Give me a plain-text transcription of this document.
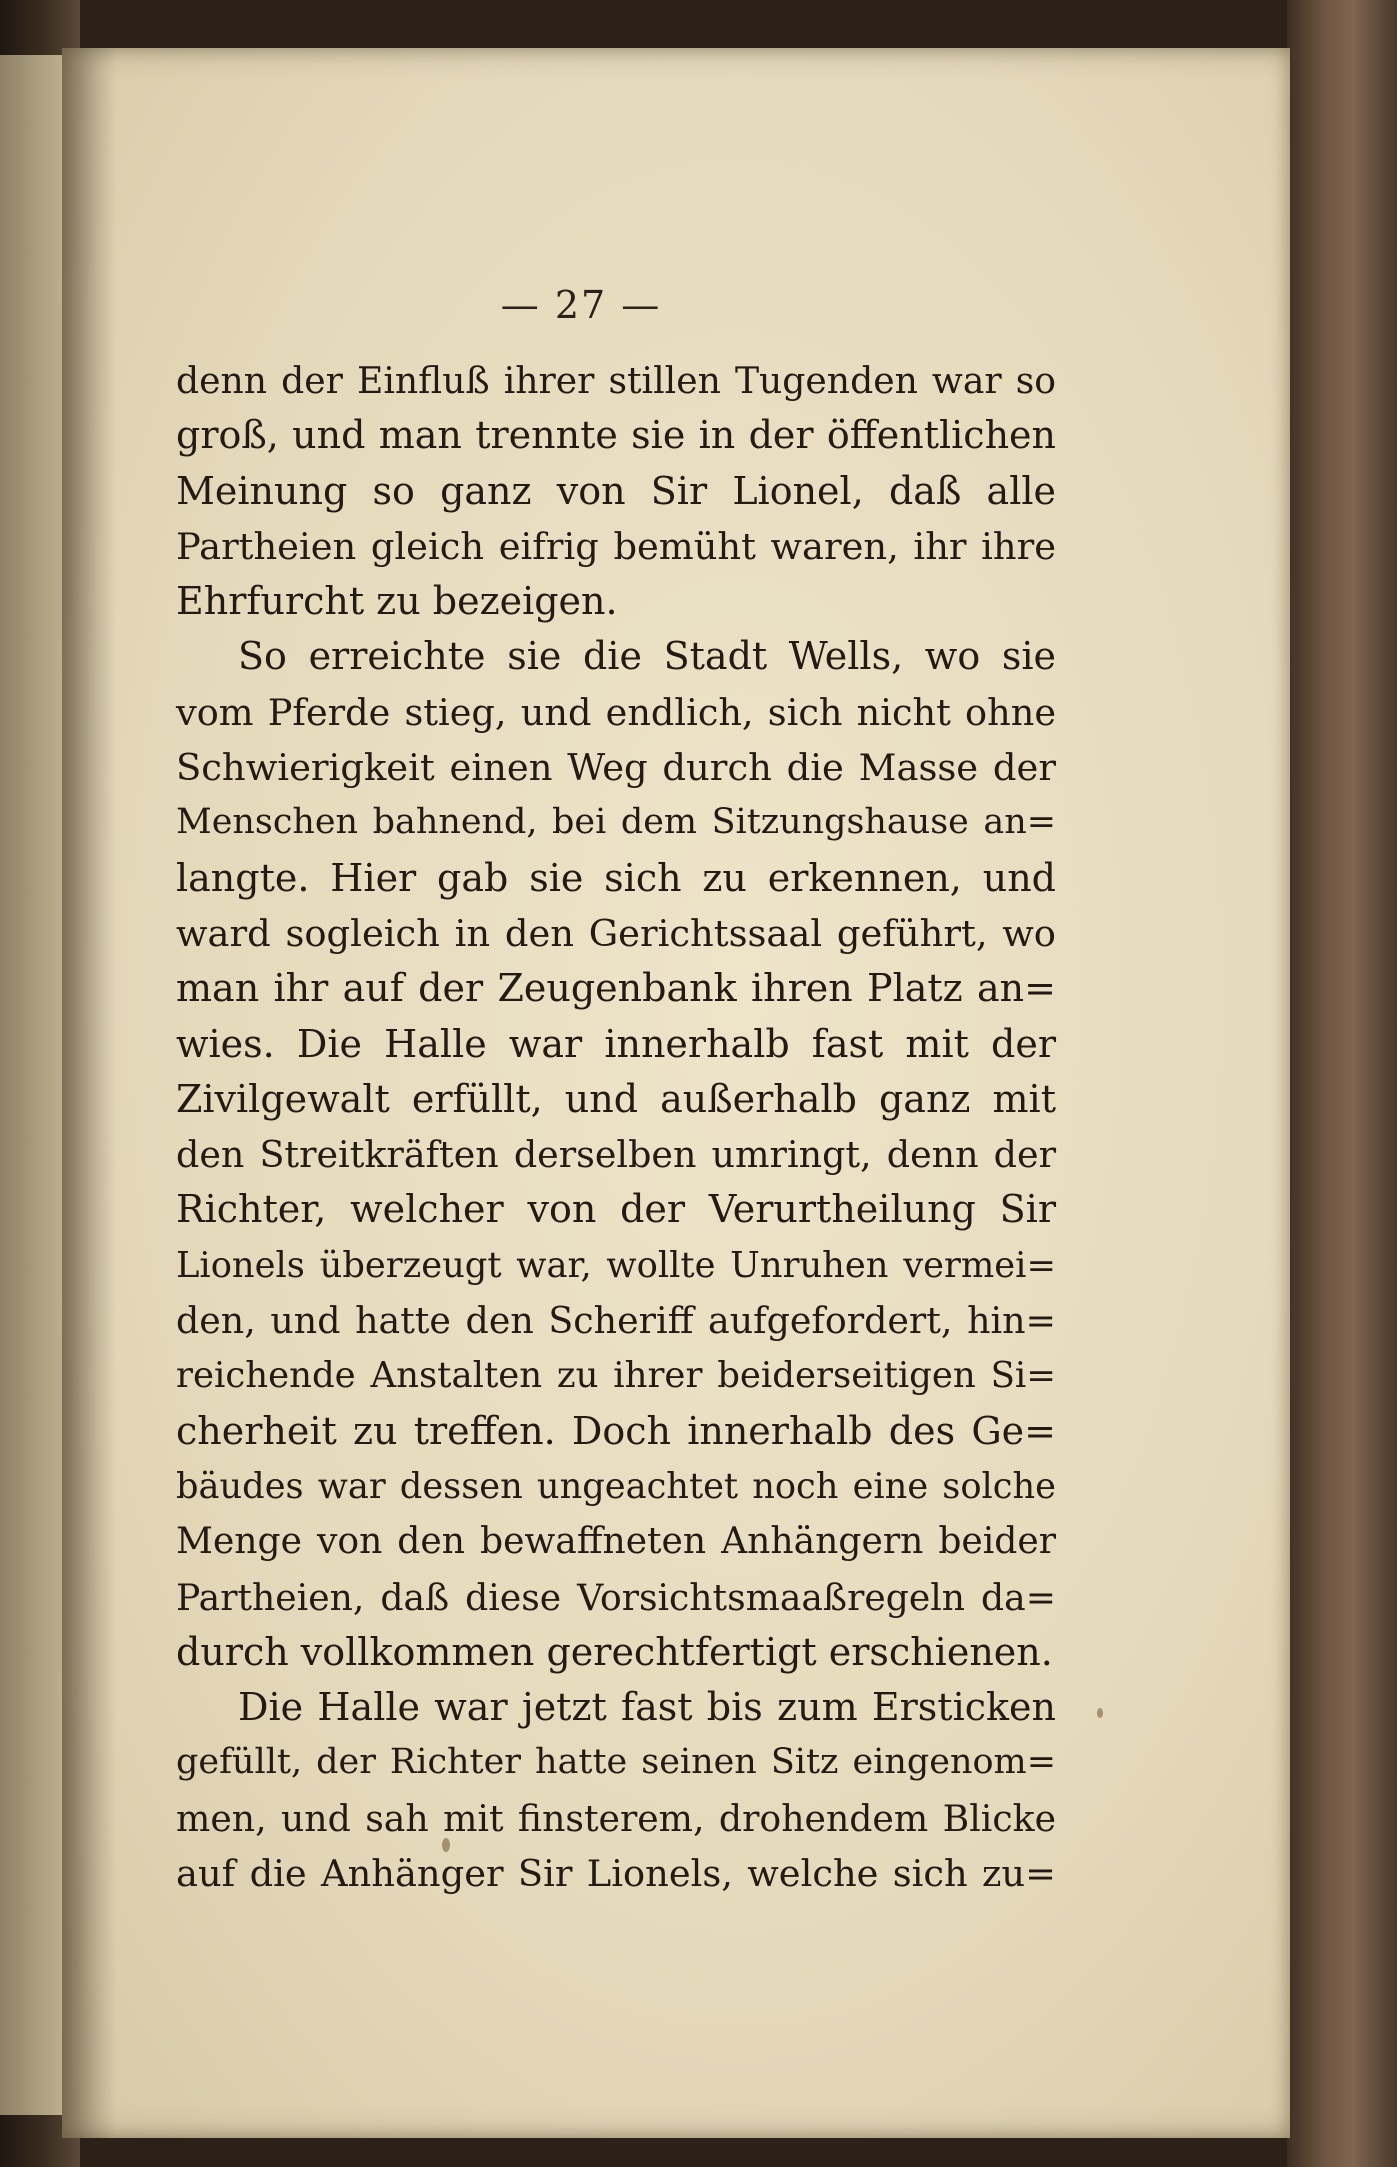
— 27 —
denn der Einfluß ihrer stillen Tugenden war so
groß, und man trennte sie in der öffentlichen
Meinung so ganz von Sir Lionel, daß alle
Partheien gleich eifrig bemüht waren, ihr ihre
Ehrfurcht zu bezeigen.
So erreichte sie die Stadt Wells, wo sie
vom Pferde stieg, und endlich, sich nicht ohne
Schwierigkeit einen Weg durch die Masse der
Menschen bahnend, bei dem Sitzungshause an=
langte. Hier gab sie sich zu erkennen, und
ward sogleich in den Gerichtssaal geführt, wo
man ihr auf der Zeugenbank ihren Platz an=
wies. Die Halle war innerhalb fast mit der
Zivilgewalt erfüllt, und außerhalb ganz mit
den Streitkräften derselben umringt, denn der
Richter, welcher von der Verurtheilung Sir
Lionels überzeugt war, wollte Unruhen vermei=
den, und hatte den Scheriff aufgefordert, hin=
reichende Anstalten zu ihrer beiderseitigen Si=
cherheit zu treffen. Doch innerhalb des Ge=
bäudes war dessen ungeachtet noch eine solche
Menge von den bewaffneten Anhängern beider
Partheien, daß diese Vorsichtsmaaßregeln da=
durch vollkommen gerechtfertigt erschienen.
Die Halle war jetzt fast bis zum Ersticken
gefüllt, der Richter hatte seinen Sitz eingenom=
men, und sah mit finsterem, drohendem Blicke
auf die Anhänger Sir Lionels, welche sich zu=
